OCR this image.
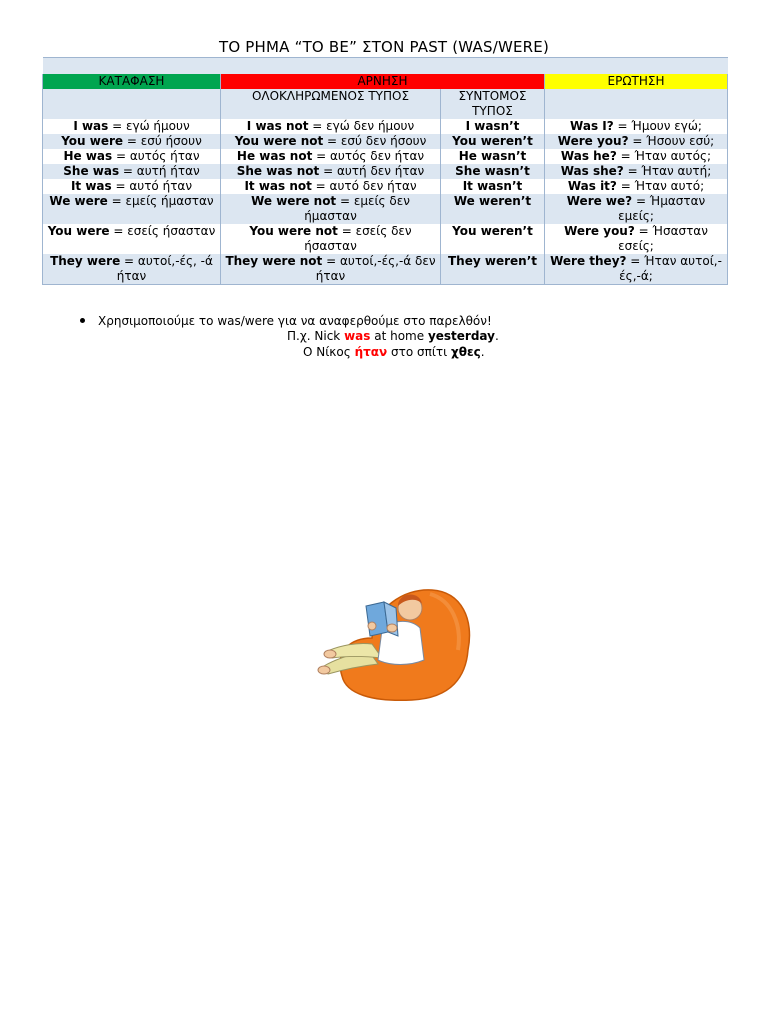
ΤΟ ΡΗΜΑ “TO BE” ΣΤΟΝ PAST (WAS/WERE)

ΚΑΤΑΦΑΣΗ	ΑΡΝΗΣΗ		ΕΡΩΤΗΣΗ
	ΟΛΟΚΛΗΡΩΜΕΝΟΣ ΤΥΠΟΣ	ΣΥΝΤΟΜΟΣ ΤΥΠΟΣ	
I was = εγώ ήμουν	I was not = εγώ δεν ήμουν	I wasn’t	Was I? = Ήμουν εγώ;
You were = εσύ ήσουν	You were not = εσύ δεν ήσουν	You weren’t	Were you? = Ήσουν εσύ;
He was = αυτός ήταν	He was not = αυτός δεν ήταν	He wasn’t	Was he? = Ήταν αυτός;
She was = αυτή ήταν	She was not = αυτή δεν ήταν	She wasn’t	Was she? = Ήταν αυτή;
It was = αυτό ήταν	It was not = αυτό δεν ήταν	It wasn’t	Was it? = Ήταν αυτό;
We were = εμείς ήμασταν	We were not = εμείς δεν ήμασταν	We weren’t	Were we? = Ήμασταν εμείς;
You were = εσείς ήσασταν	You were not = εσείς δεν ήσασταν	You weren’t	Were you? = Ήσασταν εσείς;
They were = αυτοί,-ές, -ά ήταν	They were not = αυτοί,-ές,-ά δεν ήταν	They weren’t	Were they? = Ήταν αυτοί,-ές,-ά;
Χρησιμοποιούμε το was/were για να αναφερθούμε στο παρελθόν!
Π.χ. Nick was at home yesterday.
Ο Νίκος ήταν στο σπίτι χθες.
